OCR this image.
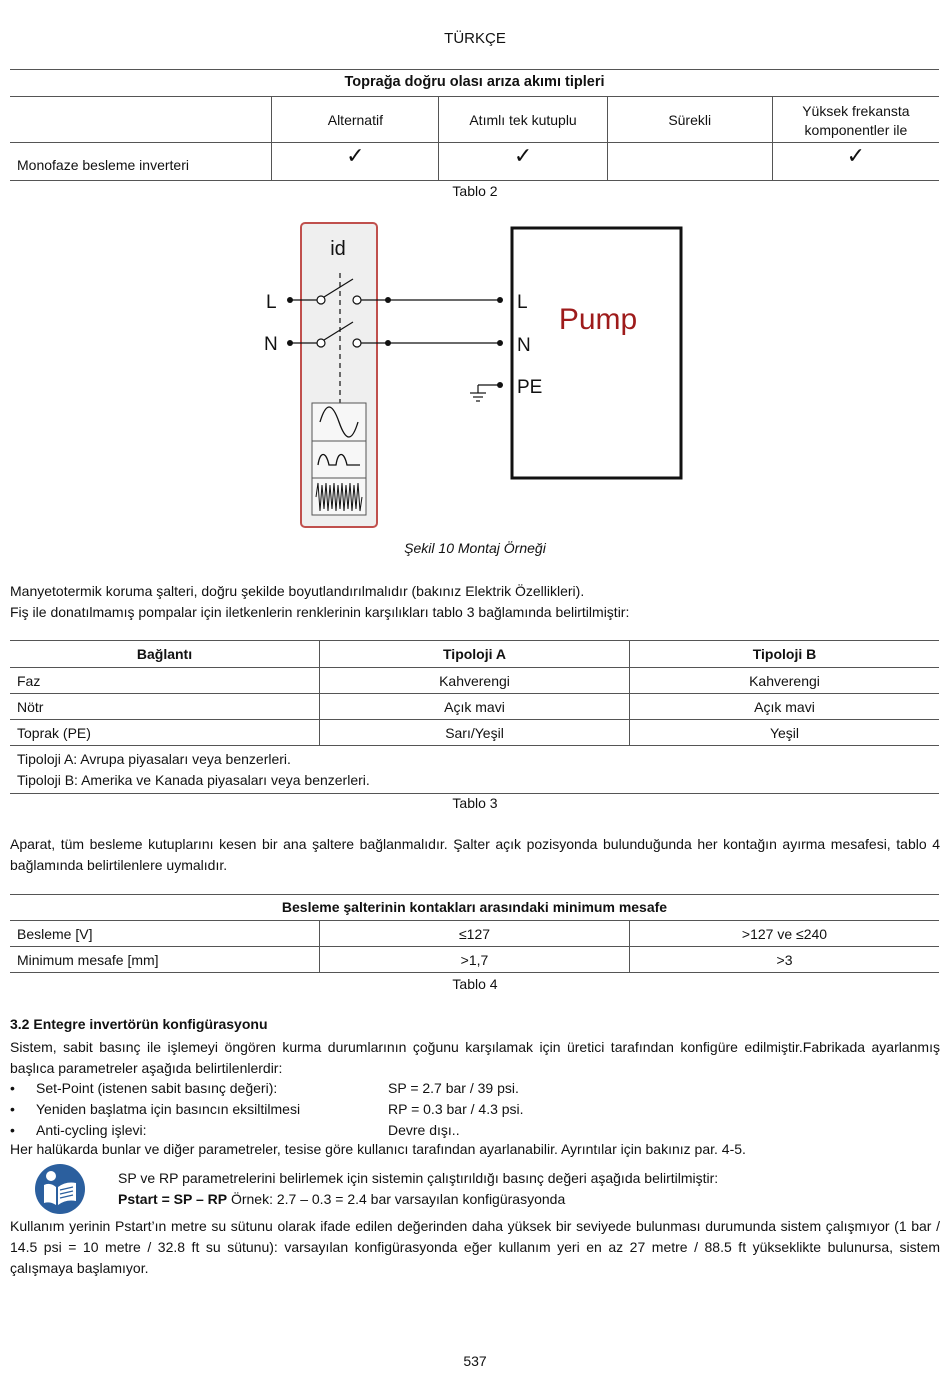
TÜRKÇE
Toprağa doğru olası arıza akımı tipleri
	Alternatif	Atımlı tek kutuplu	Sürekli	Yüksek frekansta komponentler ile
Monofaze besleme inverteri	✓	✓		✓
Tablo 2
id
L
N
L
N
PE
Pump
Şekil 10 Montaj Örneği
Manyetotermik koruma şalteri, doğru şekilde boyutlandırılmalıdır (bakınız Elektrik Özellikleri).
Fiş ile donatılmamış pompalar için iletkenlerin renklerinin karşılıkları tablo 3 bağlamında belirtilmiştir:
Bağlantı	Tipoloji A	Tipoloji B
Faz	Kahverengi	Kahverengi
Nötr	Açık mavi	Açık mavi
Toprak (PE)	Sarı/Yeşil	Yeşil

Tipoloji A: Avrupa piyasaları veya benzerleri.
Tipoloji B: Amerika ve Kanada piyasaları veya benzerleri.		
Tablo 3
Aparat, tüm besleme kutuplarını kesen bir ana şaltere bağlanmalıdır. Şalter açık pozisyonda bulunduğunda her kontağın ayırma mesafesi, tablo 4 bağlamında belirtilenlere uymalıdır.
Besleme şalterinin kontakları arasındaki minimum mesafe
Besleme [V]	≤127	>127 ve ≤240
Minimum mesafe [mm]	>1,7	>3
Tablo 4
3.2 Entegre invertörün konfigürasyonu
Sistem, sabit basınç ile işlemeyi öngören kurma durumlarının çoğunu karşılamak için üretici tarafından konfigüre edilmiştir.Fabrikada ayarlanmış başlıca parametreler aşağıda belirtilenlerdir:
• Set-Point (istenen sabit basınç değeri):	SP = 2.7 bar / 39 psi.
• Yeniden başlatma için basıncın eksiltilmesi	RP = 0.3 bar / 4.3 psi.
• Anti-cycling işlevi:	Devre dışı..
Her halükarda bunlar ve diğer parametreler, tesise göre kullanıcı tarafından ayarlanabilir. Ayrıntılar için bakınız par. 4-5.
SP ve RP parametrelerini belirlemek için sistemin çalıştırıldığı basınç değeri aşağıda belirtilmiştir:
Pstart = SP – RP Örnek: 2.7 – 0.3 = 2.4 bar varsayılan konfigürasyonda
Kullanım yerinin Pstart’ın metre su sütunu olarak ifade edilen değerinden daha yüksek bir seviyede bulunması durumunda sistem çalışmıyor (1 bar / 14.5 psi = 10 metre / 32.8 ft su sütunu): varsayılan konfigürasyonda eğer kullanım yeri en az 27 metre / 88.5 ft yükseklikte bulunursa, sistem çalışmaya başlamıyor.
537
